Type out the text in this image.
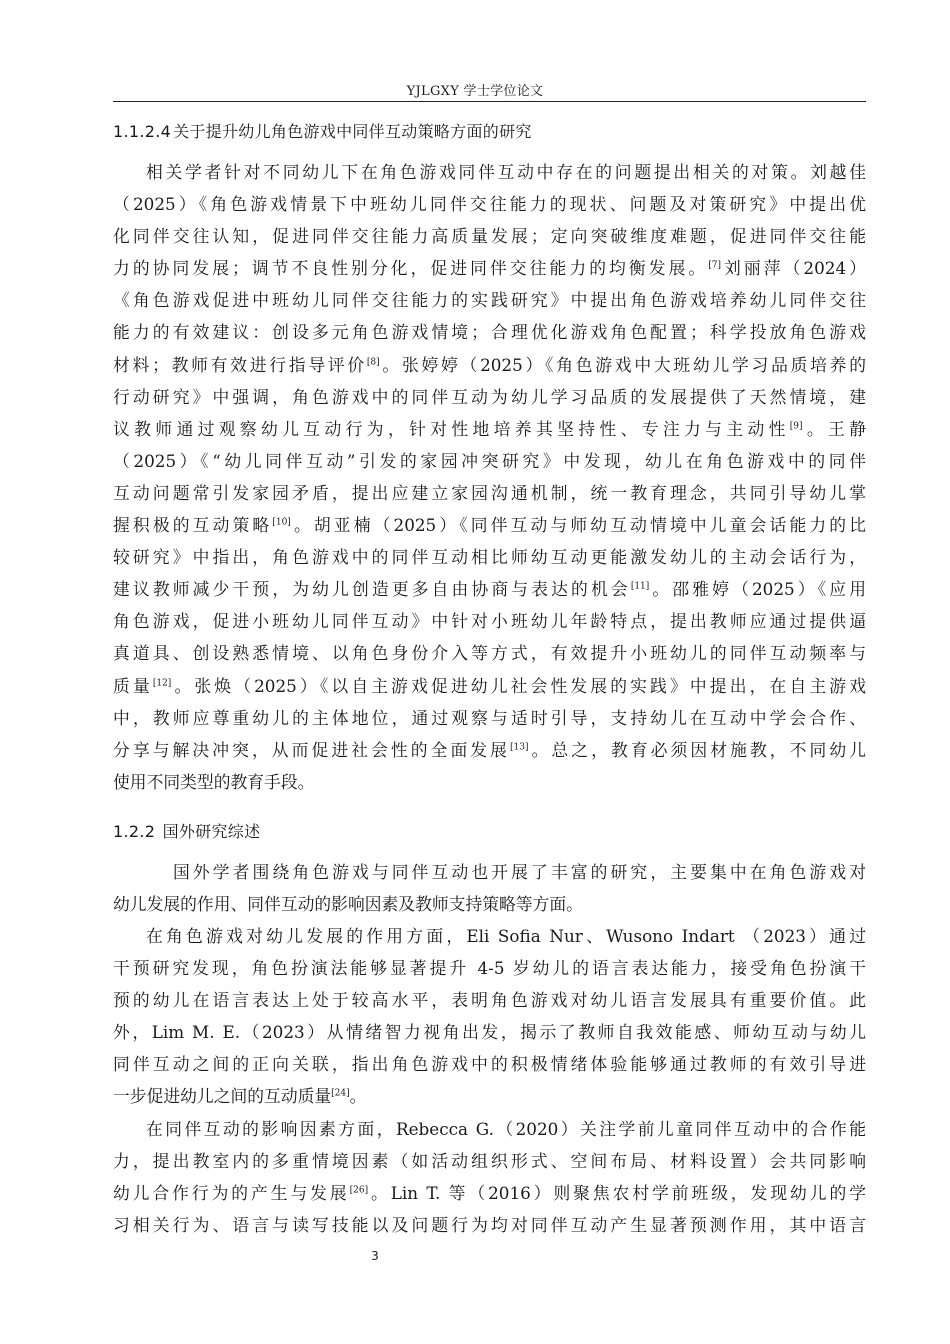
YJLGXY 学士学位论文
1.1.2.4 关于提升幼儿角色游戏中同伴互动策略方面的研究
相关学者针对不同幼儿下在角色游戏同伴互动中存在的问题提出相关的对策。刘越佳
（2025）《角色游戏情景下中班幼儿同伴交往能力的现状、问题及对策研究》中提出优
化同伴交往认知，促进同伴交往能力高质量发展；定向突破维度难题，促进同伴交往能
力的协同发展；调节不良性别分化，促进同伴交往能力的均衡发展。[7]刘丽萍（2024）
《角色游戏促进中班幼儿同伴交往能力的实践研究》中提出角色游戏培养幼儿同伴交往
能力的有效建议：创设多元角色游戏情境；合理优化游戏角色配置；科学投放角色游戏
材料；教师有效进行指导评价[8]。张婷婷（2025）《角色游戏中大班幼儿学习品质培养的
行动研究》中强调，角色游戏中的同伴互动为幼儿学习品质的发展提供了天然情境，建
议教师通过观察幼儿互动行为，针对性地培养其坚持性、专注力与主动性[9]。王静
（2025）《“幼儿同伴互动”引发的家园冲突研究》中发现，幼儿在角色游戏中的同伴
互动问题常引发家园矛盾，提出应建立家园沟通机制，统一教育理念，共同引导幼儿掌
握积极的互动策略[10]。胡亚楠（2025）《同伴互动与师幼互动情境中儿童会话能力的比
较研究》中指出，角色游戏中的同伴互动相比师幼互动更能激发幼儿的主动会话行为，
建议教师减少干预，为幼儿创造更多自由协商与表达的机会[11]。邵雅婷（2025）《应用
角色游戏，促进小班幼儿同伴互动》中针对小班幼儿年龄特点，提出教师应通过提供逼
真道具、创设熟悉情境、以角色身份介入等方式，有效提升小班幼儿的同伴互动频率与
质量[12]。张焕（2025）《以自主游戏促进幼儿社会性发展的实践》中提出，在自主游戏
中，教师应尊重幼儿的主体地位，通过观察与适时引导，支持幼儿在互动中学会合作、
分享与解决冲突，从而促进社会性的全面发展[13]。总之，教育必须因材施教，不同幼儿
使用不同类型的教育手段。
1.2.2 国外研究综述
国外学者围绕角色游戏与同伴互动也开展了丰富的研究，主要集中在角色游戏对
幼儿发展的作用、同伴互动的影响因素及教师支持策略等方面。
在角色游戏对幼儿发展的作用方面，Eli Sofia Nur、Wusono Indart （2023）通过
干预研究发现，角色扮演法能够显著提升 4-5 岁幼儿的语言表达能力，接受角色扮演干
预的幼儿在语言表达上处于较高水平，表明角色游戏对幼儿语言发展具有重要价值。此
外，Lim M. E.（2023）从情绪智力视角出发，揭示了教师自我效能感、师幼互动与幼儿
同伴互动之间的正向关联，指出角色游戏中的积极情绪体验能够通过教师的有效引导进
一步促进幼儿之间的互动质量[24]。
在同伴互动的影响因素方面，Rebecca G.（2020）关注学前儿童同伴互动中的合作能
力，提出教室内的多重情境因素（如活动组织形式、空间布局、材料设置）会共同影响
幼儿合作行为的产生与发展[26]。Lin T. 等（2016）则聚焦农村学前班级，发现幼儿的学
习相关行为、语言与读写技能以及问题行为均对同伴互动产生显著预测作用，其中语言
3
